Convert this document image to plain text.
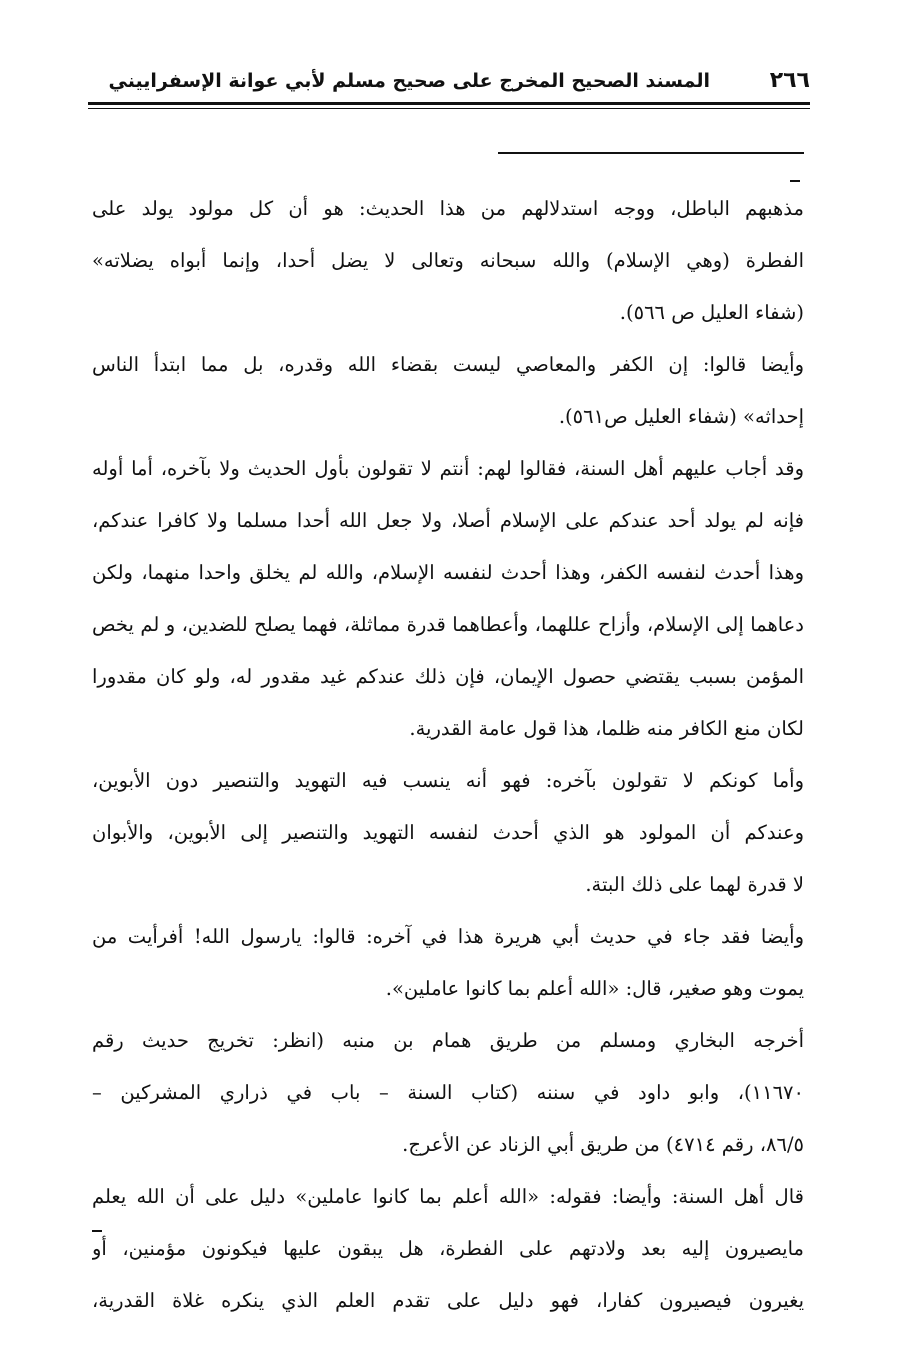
٢٦٦
المسند الصحيح المخرج على صحيح مسلم لأبي عوانة الإسفراييني
مذهبهم الباطل، ووجه استدلالهم من هذا الحديث: هو أن كل مولود يولد على
الفطرة (وهي الإسلام) والله سبحانه وتعالى لا يضل أحدا، وإنما أبواه يضلاته»
(شفاء العليل ص ٥٦٦).
وأيضا قالوا: إن الكفر والمعاصي ليست بقضاء الله وقدره، بل مما ابتدأ الناس
إحداثه» (شفاء العليل ص٥٦١).
وقد أجاب عليهم أهل السنة، فقالوا لهم: أنتم لا تقولون بأول الحديث ولا بآخره، أما أوله
فإنه لم يولد أحد عندكم على الإسلام أصلا، ولا جعل الله أحدا مسلما ولا كافرا عندكم،
وهذا أحدث لنفسه الكفر، وهذا أحدث لنفسه الإسلام، والله لم يخلق واحدا منهما، ولكن
دعاهما إلى الإسلام، وأزاح عللهما، وأعطاهما قدرة مماثلة، فهما يصلح للضدين، و لم يخص
المؤمن بسبب يقتضي حصول الإيمان، فإن ذلك عندكم غيد مقدور له، ولو كان مقدورا
لكان منع الكافر منه ظلما، هذا قول عامة القدرية.
وأما كونكم لا تقولون بآخره: فهو أنه ينسب فيه التهويد والتنصير دون الأبوين،
وعندكم أن المولود هو الذي أحدث لنفسه التهويد والتنصير إلى الأبوين، والأبوان
لا قدرة لهما على ذلك البتة.
وأيضا فقد جاء في حديث أبي هريرة هذا في آخره: قالوا: يارسول الله! أفرأيت من
يموت وهو صغير، قال: «الله أعلم بما كانوا عاملين».
أخرجه البخاري ومسلم من طريق همام بن منبه (انظر: تخريج حديث رقم
١١٦٧٠)، وابو داود في سننه (كتاب السنة – باب في ذراري المشركين –
٨٦/٥، رقم ٤٧١٤) من طريق أبي الزناد عن الأعرج.
قال أهل السنة: وأيضا: فقوله: «الله أعلم بما كانوا عاملين» دليل على أن الله يعلم
مايصيرون إليه بعد ولادتهم على الفطرة، هل يبقون عليها فيكونون مؤمنين، أو
يغيرون فيصيرون كفارا، فهو دليل على تقدم العلم الذي ينكره غلاة القدرية،
